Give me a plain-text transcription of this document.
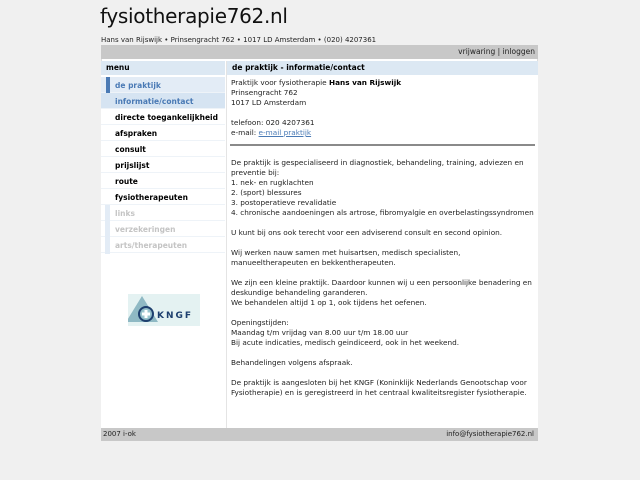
fysiotherapie762.nl
Hans van Rijswijk • Prinsengracht 762 • 1017 LD Amsterdam • (020) 4207361
vrijwaring | inloggen
menu
de praktijk
informatie/contact
directe toegankelijkheid
afspraken
consult
prijslijst
route
fysiotherapeuten
links
verzekeringen
arts/therapeuten
KNGF
de praktijk - informatie/contact
Praktijk voor fysiotherapie Hans van Rijswijk
Prinsengracht 762
1017 LD Amsterdam
telefoon: 020 4207361
e-mail: e-mail praktijk

De praktijk is gespecialiseerd in diagnostiek, behandeling, training, adviezen en preventie bij:
1. nek- en rugklachten
2. (sport) blessures
3. postoperatieve revalidatie
4. chronische aandoeningen als artrose, fibromyalgie en overbelastingssyndromen

U kunt bij ons ook terecht voor een adviserend consult en second opinion.

Wij werken nauw samen met huisartsen, medisch specialisten, manueeltherapeuten en bekkentherapeuten.

We zijn een kleine praktijk. Daardoor kunnen wij u een persoonlijke benadering en deskundige behandeling garanderen.
We behandelen altijd 1 op 1, ook tijdens het oefenen.

Openingstijden:
Maandag t/m vrijdag van 8.00 uur t/m 18.00 uur
Bij acute indicaties, medisch geindiceerd, ook in het weekend.

Behandelingen volgens afspraak.

De praktijk is aangesloten bij het KNGF (Koninklijk Nederlands Genootschap voor Fysiotherapie) en is geregistreerd in het centraal kwaliteitsregister fysiotherapie.

2007 i-ok	info@fysiotherapie762.nl
